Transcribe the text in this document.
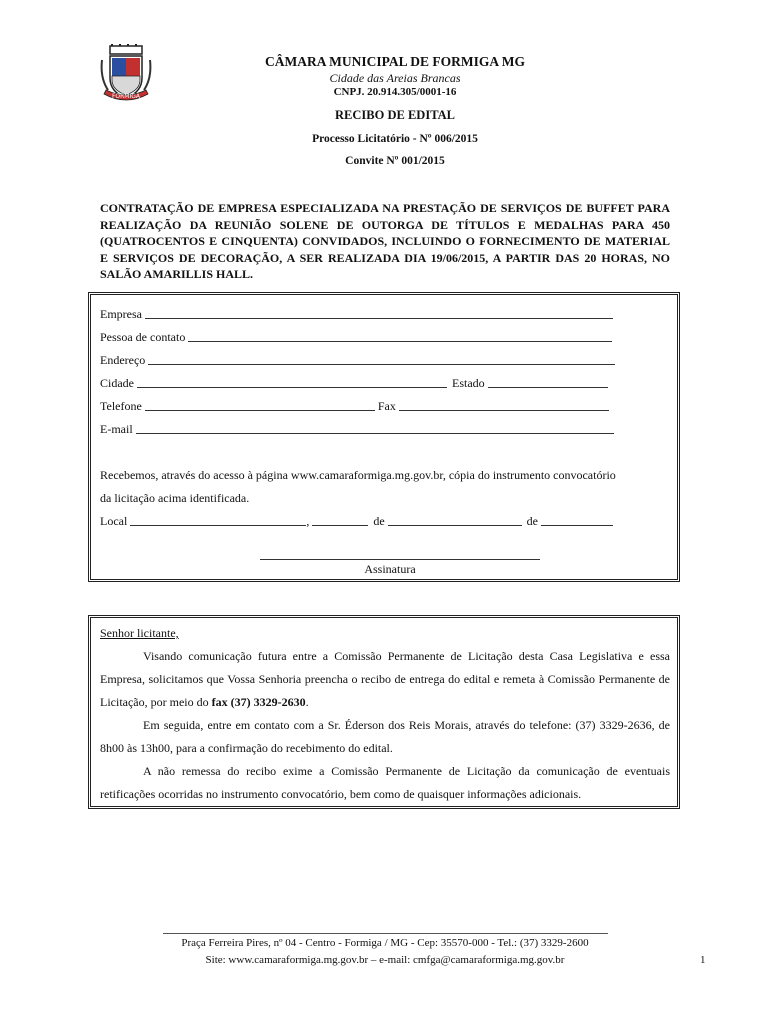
FORMIGA
CÂMARA MUNICIPAL DE FORMIGA MG
Cidade das Areias Brancas
CNPJ. 20.914.305/0001-16
RECIBO DE EDITAL
Processo Licitatório - Nº 006/2015
Convite Nº 001/2015
CONTRATAÇÃO DE EMPRESA ESPECIALIZADA NA PRESTAÇÃO DE SERVIÇOS DE BUFFET PARA REALIZAÇÃO DA REUNIÃO SOLENE DE OUTORGA DE TÍTULOS E MEDALHAS PARA 450 (QUATROCENTOS E CINQUENTA) CONVIDADOS, INCLUINDO O FORNECIMENTO DE MATERIAL E SERVIÇOS DE DECORAÇÃO, A SER REALIZADA DIA 19/06/2015, A PARTIR DAS 20 HORAS, NO SALÃO AMARILLIS HALL.
Empresa
Pessoa de contato
Endereço
Cidade	Estado
Telefone	Fax
E-mail
Recebemos, através do acesso à página www.camaraformiga.mg.gov.br, cópia do instrumento convocatório
da licitação acima identificada.
Local	,	de	de
Assinatura
Senhor licitante,
Visando comunicação futura entre a Comissão Permanente de Licitação desta Casa Legislativa e essa Empresa, solicitamos que Vossa Senhoria preencha o recibo de entrega do edital e remeta à Comissão Permanente de Licitação, por meio do fax (37) 3329-2630.
Em seguida, entre em contato com a Sr. Éderson dos Reis Morais, através do telefone: (37) 3329-2636, de 8h00 às 13h00, para a confirmação do recebimento do edital.
A não remessa do recibo exime a Comissão Permanente de Licitação da comunicação de eventuais retificações ocorridas no instrumento convocatório, bem como de quaisquer informações adicionais.
Praça Ferreira Pires, nº 04 - Centro - Formiga / MG - Cep: 35570-000 - Tel.: (37) 3329-2600
Site: www.camaraformiga.mg.gov.br – e-mail: cmfga@camaraformiga.mg.gov.br	1
